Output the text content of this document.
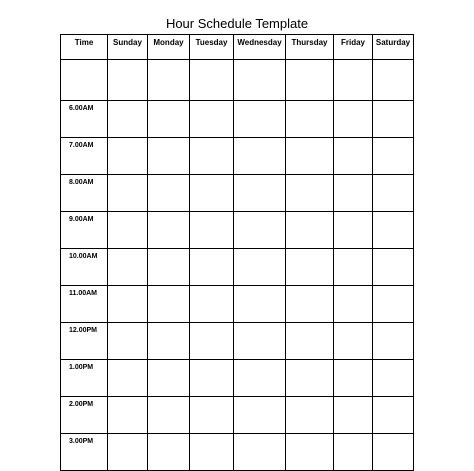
Hour Schedule Template
Time	Sunday	Monday	Tuesday	Wednesday	Thursday	Friday	Saturday

6.00AM							
7.00AM							
8.00AM							
9.00AM							
10.00AM							
11.00AM							
12.00PM							
1.00PM							
2.00PM							
3.00PM							
